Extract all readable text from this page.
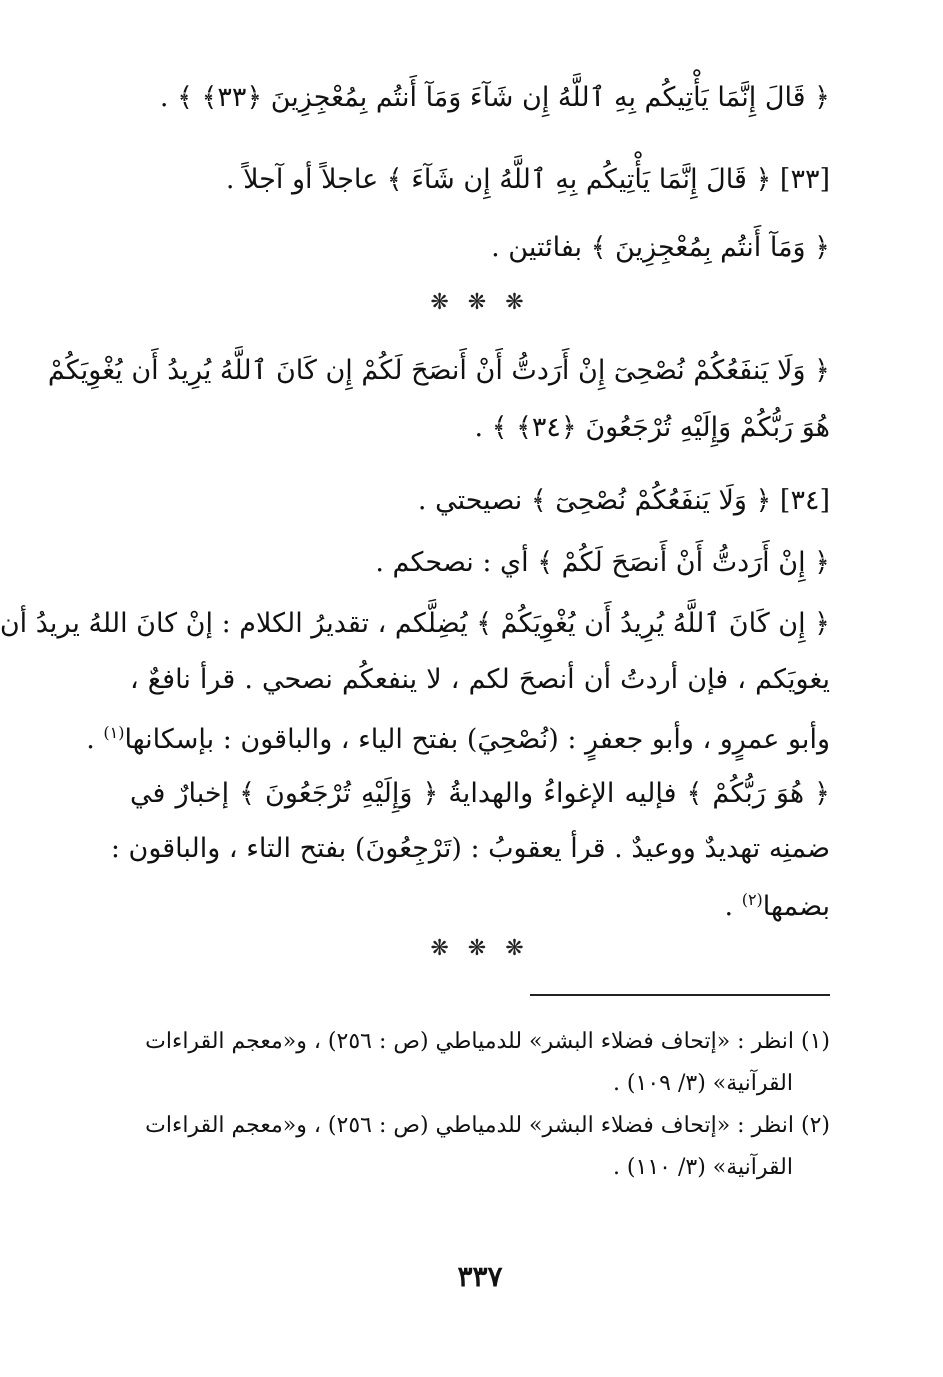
﴿ قَالَ إِنَّمَا يَأْتِيكُم بِهِ ٱللَّهُ إِن شَآءَ وَمَآ أَنتُم بِمُعْجِزِينَ ﴿٣٣﴾ ﴾ .
[٣٣] ﴿ قَالَ إِنَّمَا يَأْتِيكُم بِهِ ٱللَّهُ إِن شَآءَ ﴾ عاجلاً أو آجلاً .
﴿ وَمَآ أَنتُم بِمُعْجِزِينَ ﴾ بفائتين .
❋ ❋ ❋
﴿ وَلَا يَنفَعُكُمْ نُصْحِىٓ إِنْ أَرَدتُّ أَنْ أَنصَحَ لَكُمْ إِن كَانَ ٱللَّهُ يُرِيدُ أَن يُغْوِيَكُمْ
هُوَ رَبُّكُمْ وَإِلَيْهِ تُرْجَعُونَ ﴿٣٤﴾ ﴾ .
[٣٤] ﴿ وَلَا يَنفَعُكُمْ نُصْحِىٓ ﴾ نصيحتي .
﴿ إِنْ أَرَدتُّ أَنْ أَنصَحَ لَكُمْ ﴾ أي : نصحكم .
﴿ إِن كَانَ ٱللَّهُ يُرِيدُ أَن يُغْوِيَكُمْ ﴾ يُضِلَّكم ، تقديرُ الكلام : إنْ كانَ اللهُ يريدُ أن
يغويَكم ، فإن أردتُ أن أنصحَ لكم ، لا ينفعكُم نصحي . قرأ نافعٌ ،
وأبو عمرٍو ، وأبو جعفرٍ : (نُصْحِيَ) بفتح الياء ، والباقون : بإسكانها$^{(١)}$ .
﴿ هُوَ رَبُّكُمْ ﴾ فإليه الإغواءُ والهدايةُ ﴿ وَإِلَيْهِ تُرْجَعُونَ ﴾ إخبارٌ في
ضمنِه تهديدٌ ووعيدٌ . قرأ يعقوبُ : (تَرْجِعُونَ) بفتح التاء ، والباقون :
بضمها$^{(٢)}$ .
❋ ❋ ❋
(١) انظر : «إتحاف فضلاء البشر» للدمياطي (ص : ٢٥٦) ، و«معجم القراءات
القرآنية» (٣/ ١٠٩) .
(٢) انظر : «إتحاف فضلاء البشر» للدمياطي (ص : ٢٥٦) ، و«معجم القراءات
القرآنية» (٣/ ١١٠) .
٣٣٧
